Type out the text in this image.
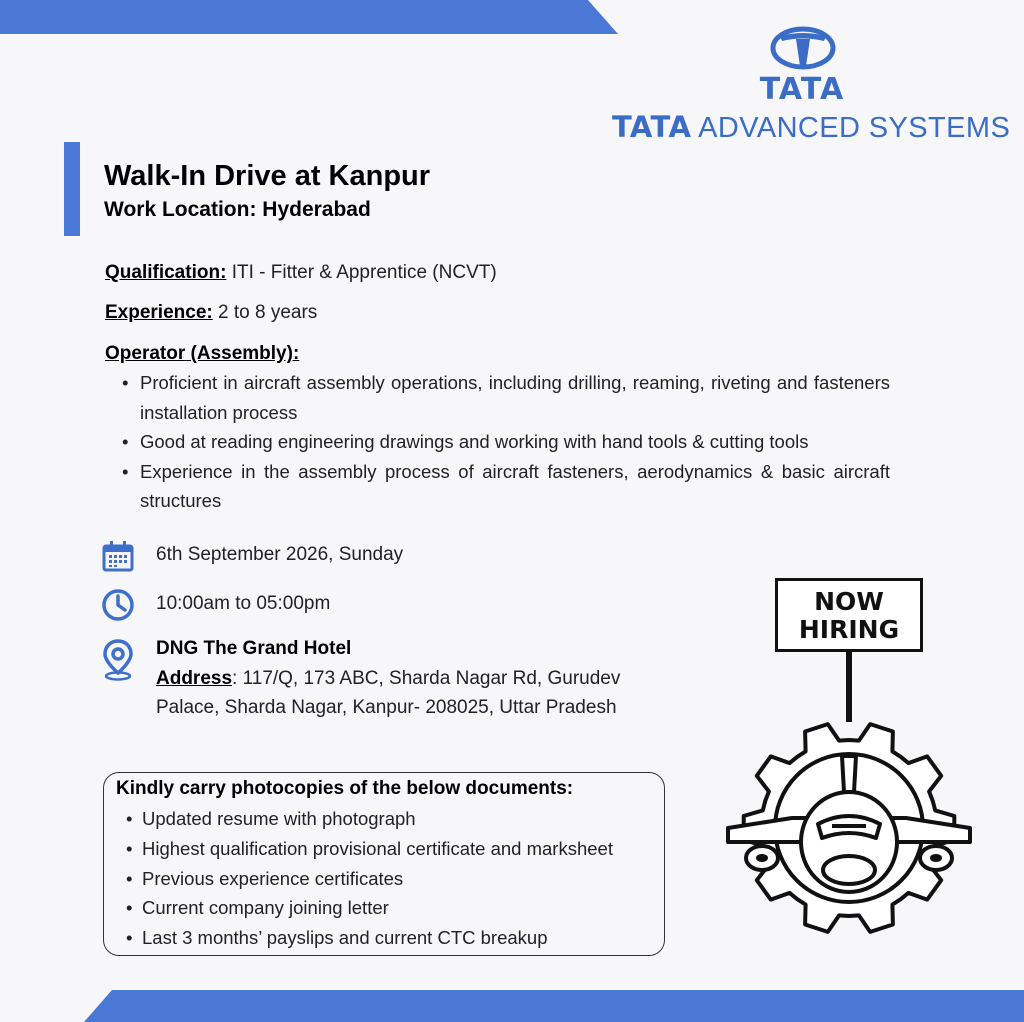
TATA
TATA ADVANCED SYSTEMS
Walk-In Drive at Kanpur
Work Location: Hyderabad
Qualification: ITI - Fitter & Apprentice (NCVT)
Experience: 2 to 8 years
Operator (Assembly):
• Proficient in aircraft assembly operations, including drilling, reaming, riveting and fasteners installation process
• Good at reading engineering drawings and working with hand tools & cutting tools
• Experience in the assembly process of aircraft fasteners, aerodynamics & basic aircraft structures
6th September 2026, Sunday
10:00am to 05:00pm
DNG The Grand Hotel
Address: 117/Q, 173 ABC, Sharda Nagar Rd, Gurudev
Palace, Sharda Nagar, Kanpur- 208025, Uttar Pradesh
Kindly carry photocopies of the below documents:
• Updated resume with photograph
• Highest qualification provisional certificate and marksheet
• Previous experience certificates
• Current company joining letter
• Last 3 months’ payslips and current CTC breakup
NOW
HIRING
